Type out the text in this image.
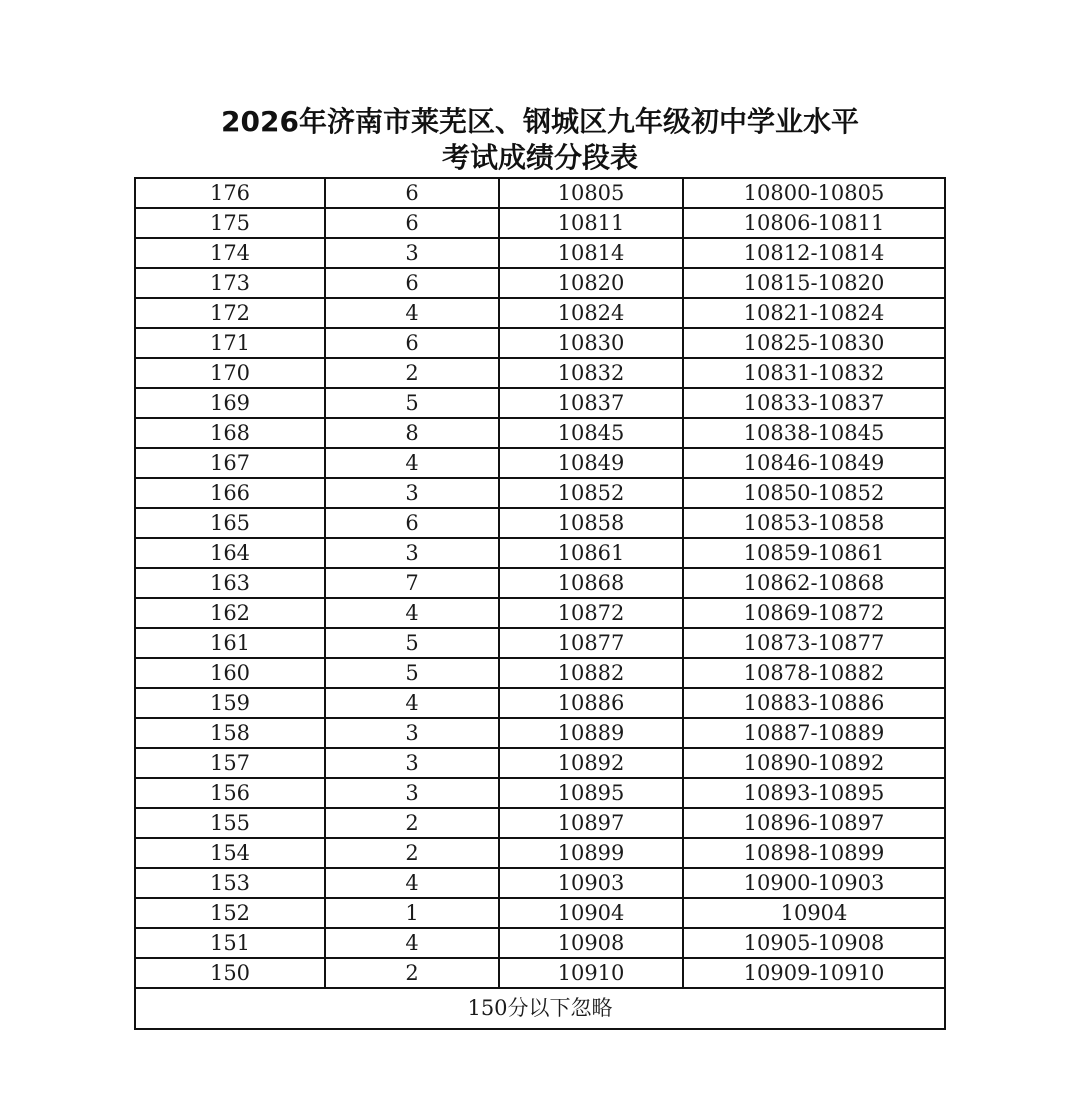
2026年济南市莱芜区、钢城区九年级初中学业水平
考试成绩分段表
176	6	10805	10800-10805
175	6	10811	10806-10811
174	3	10814	10812-10814
173	6	10820	10815-10820
172	4	10824	10821-10824
171	6	10830	10825-10830
170	2	10832	10831-10832
169	5	10837	10833-10837
168	8	10845	10838-10845
167	4	10849	10846-10849
166	3	10852	10850-10852
165	6	10858	10853-10858
164	3	10861	10859-10861
163	7	10868	10862-10868
162	4	10872	10869-10872
161	5	10877	10873-10877
160	5	10882	10878-10882
159	4	10886	10883-10886
158	3	10889	10887-10889
157	3	10892	10890-10892
156	3	10895	10893-10895
155	2	10897	10896-10897
154	2	10899	10898-10899
153	4	10903	10900-10903
152	1	10904	10904
151	4	10908	10905-10908
150	2	10910	10909-10910
150分以下忽略			
